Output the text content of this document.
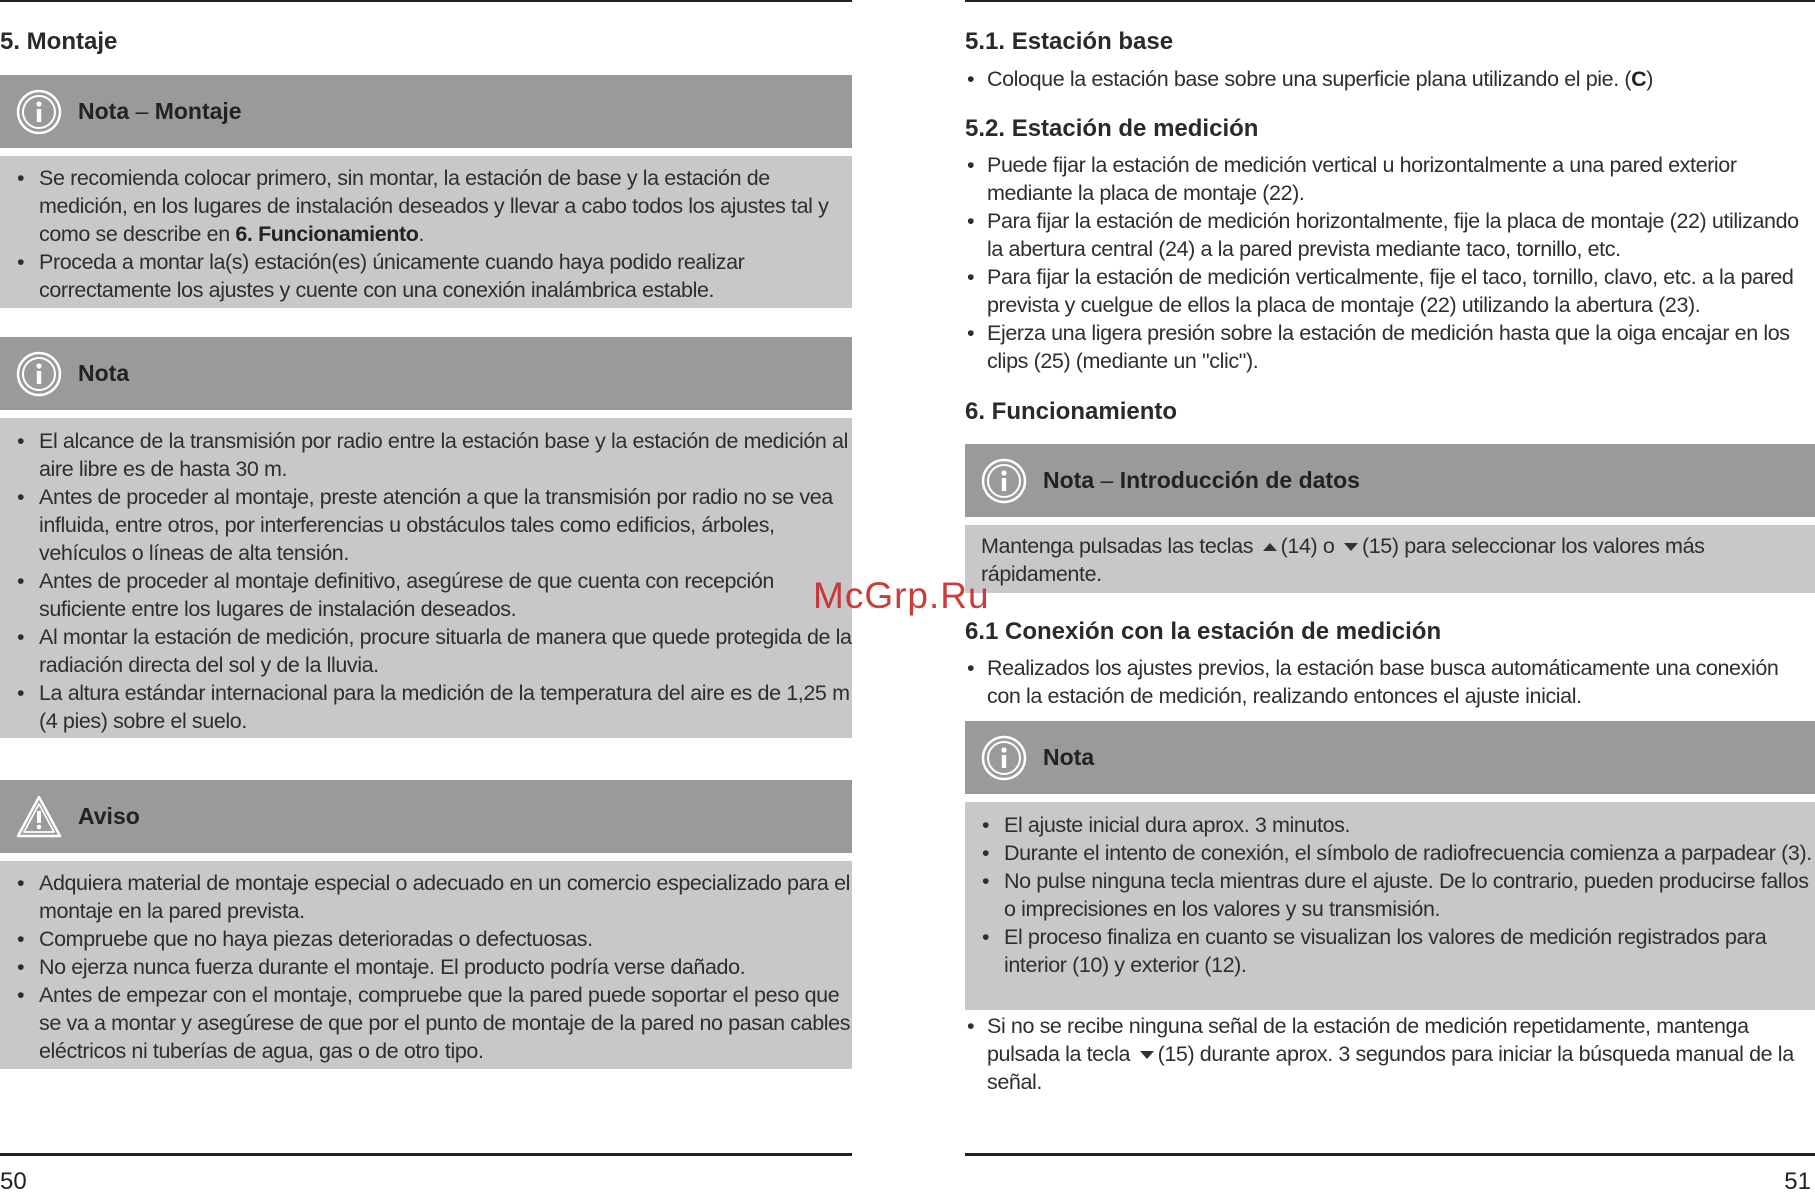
5. Montaje
Nota – Montaje
• Se recomienda colocar primero, sin montar, la estación de base y la estación de medición, en los lugares de instalación deseados y llevar a cabo todos los ajustes tal y como se describe en 6. Funcionamiento.
• Proceda a montar la(s) estación(es) únicamente cuando haya podido realizar correctamente los ajustes y cuente con una conexión inalámbrica estable.
Nota
• El alcance de la transmisión por radio entre la estación base y la estación de medición al aire libre es de hasta 30 m.
• Antes de proceder al montaje, preste atención a que la transmisión por radio no se vea influida, entre otros, por interferencias u obstáculos tales como edificios, árboles, vehículos o líneas de alta tensión.
• Antes de proceder al montaje definitivo, asegúrese de que cuenta con recepción suficiente entre los lugares de instalación deseados.
• Al montar la estación de medición, procure situarla de manera que quede protegida de la radiación directa del sol y de la lluvia.
• La altura estándar internacional para la medición de la temperatura del aire es de 1,25 m (4 pies) sobre el suelo.
Aviso
• Adquiera material de montaje especial o adecuado en un comercio especializado para el montaje en la pared prevista.
• Compruebe que no haya piezas deterioradas o defectuosas.
• No ejerza nunca fuerza durante el montaje. El producto podría verse dañado.
• Antes de empezar con el montaje, compruebe que la pared puede soportar el peso que se va a montar y asegúrese de que por el punto de montaje de la pared no pasan cables eléctricos ni tuberías de agua, gas o de otro tipo.
50
5.1. Estación base
• Coloque la estación base sobre una superficie plana utilizando el pie. (C)
5.2. Estación de medición
• Puede fijar la estación de medición vertical u horizontalmente a una pared exterior mediante la placa de montaje (22).
• Para fijar la estación de medición horizontalmente, fije la placa de montaje (22) utilizando la abertura central (24) a la pared prevista mediante taco, tornillo, etc.
• Para fijar la estación de medición verticalmente, fije el taco, tornillo, clavo, etc. a la pared prevista y cuelgue de ellos la placa de montaje (22) utilizando la abertura (23).
• Ejerza una ligera presión sobre la estación de medición hasta que la oiga encajar en los clips (25) (mediante un "clic").
6. Funcionamiento
Nota – Introducción de datos
Mantenga pulsadas las teclas (14) o (15) para seleccionar los valores más rápidamente.
6.1 Conexión con la estación de medición
• Realizados los ajustes previos, la estación base busca automáticamente una conexión con la estación de medición, realizando entonces el ajuste inicial.
Nota
• El ajuste inicial dura aprox. 3 minutos.
• Durante el intento de conexión, el símbolo de radiofrecuencia comienza a parpadear (3).
• No pulse ninguna tecla mientras dure el ajuste. De lo contrario, pueden producirse fallos o imprecisiones en los valores y su transmisión.
• El proceso finaliza en cuanto se visualizan los valores de medición registrados para interior (10) y exterior (12).
• Si no se recibe ninguna señal de la estación de medición repetidamente, mantenga pulsada la tecla (15) durante aprox. 3 segundos para iniciar la búsqueda manual de la señal.
51
McGrp.Ru
